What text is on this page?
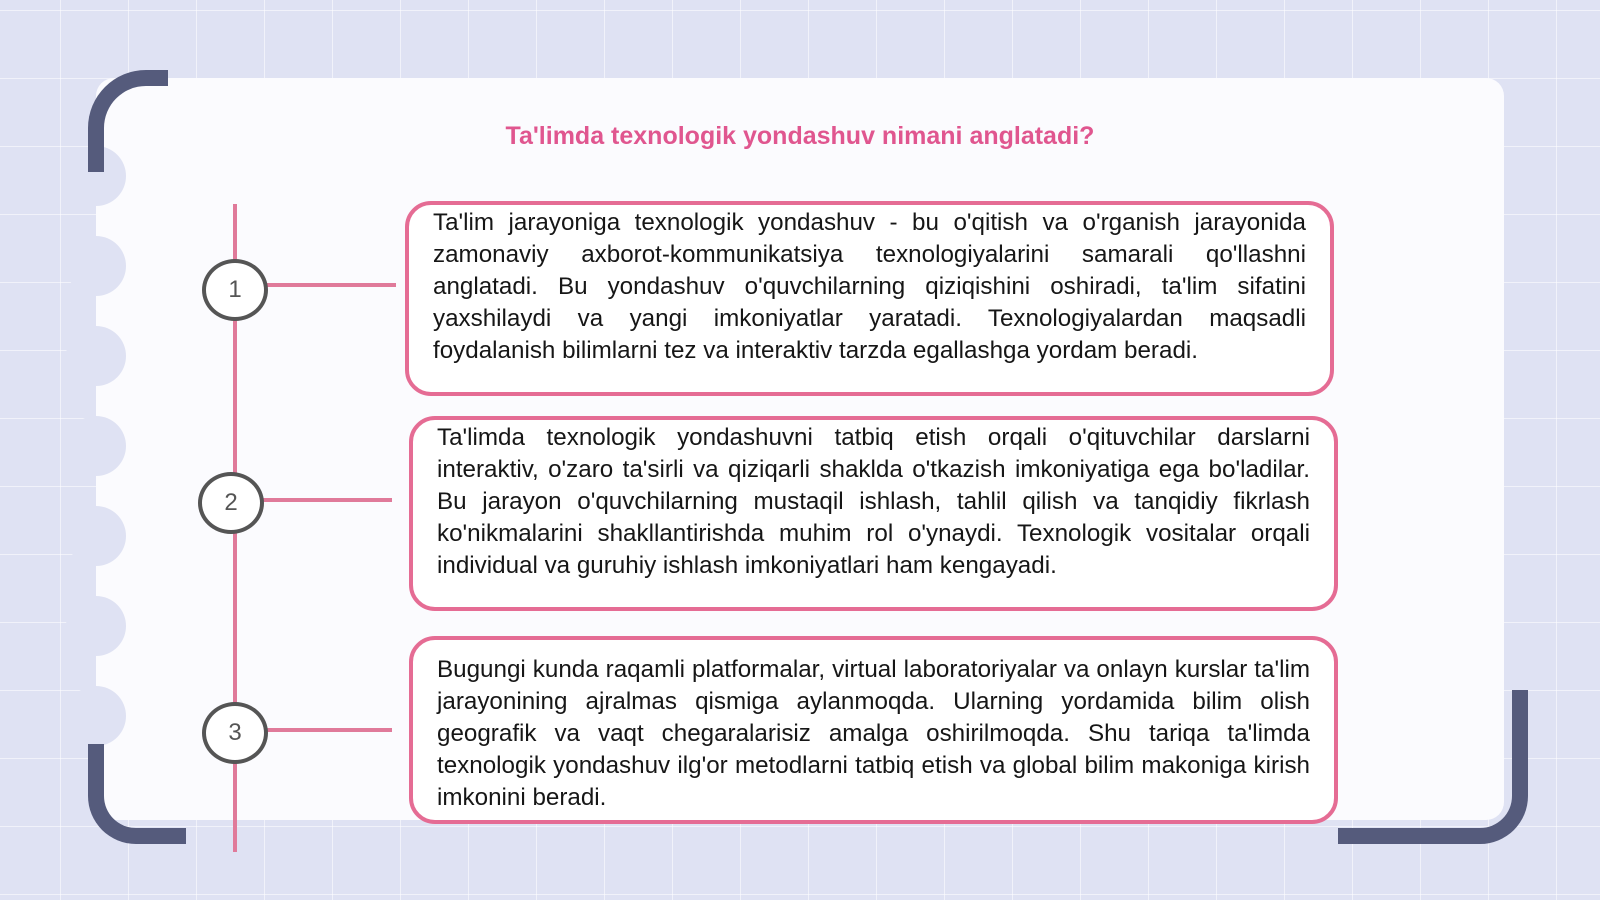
Ta'limda texnologik yondashuv nimani anglatadi?
1
2
3

Ta'lim jarayoniga texnologik yondashuv - bu o'qitish va o'rganish jarayonida zamonaviy axborot-kommunikatsiya texnologiyalarini samarali qo'llashni anglatadi. Bu yondashuv o'quvchilarning qiziqishini oshiradi, ta'lim sifatini yaxshilaydi va yangi imkoniyatlar yaratadi. Texnologiyalardan maqsadli foydalanish bilimlarni tez va interaktiv tarzda egallashga yordam beradi.

Ta'limda texnologik yondashuvni tatbiq etish orqali o'qituvchilar darslarni interaktiv, o'zaro ta'sirli va qiziqarli shaklda o'tkazish imkoniyatiga ega bo'ladilar. Bu jarayon o'quvchilarning mustaqil ishlash, tahlil qilish va tanqidiy fikrlash ko'nikmalarini shakllantirishda muhim rol o'ynaydi. Texnologik vositalar orqali individual va guruhiy ishlash imkoniyatlari ham kengayadi.

Bugungi kunda raqamli platformalar, virtual laboratoriyalar va onlayn kurslar ta'lim jarayonining ajralmas qismiga aylanmoqda. Ularning yordamida bilim olish geografik va vaqt chegaralarisiz amalga oshirilmoqda. Shu tariqa ta'limda texnologik yondashuv ilg'or metodlarni tatbiq etish va global bilim makoniga kirish imkonini beradi.
